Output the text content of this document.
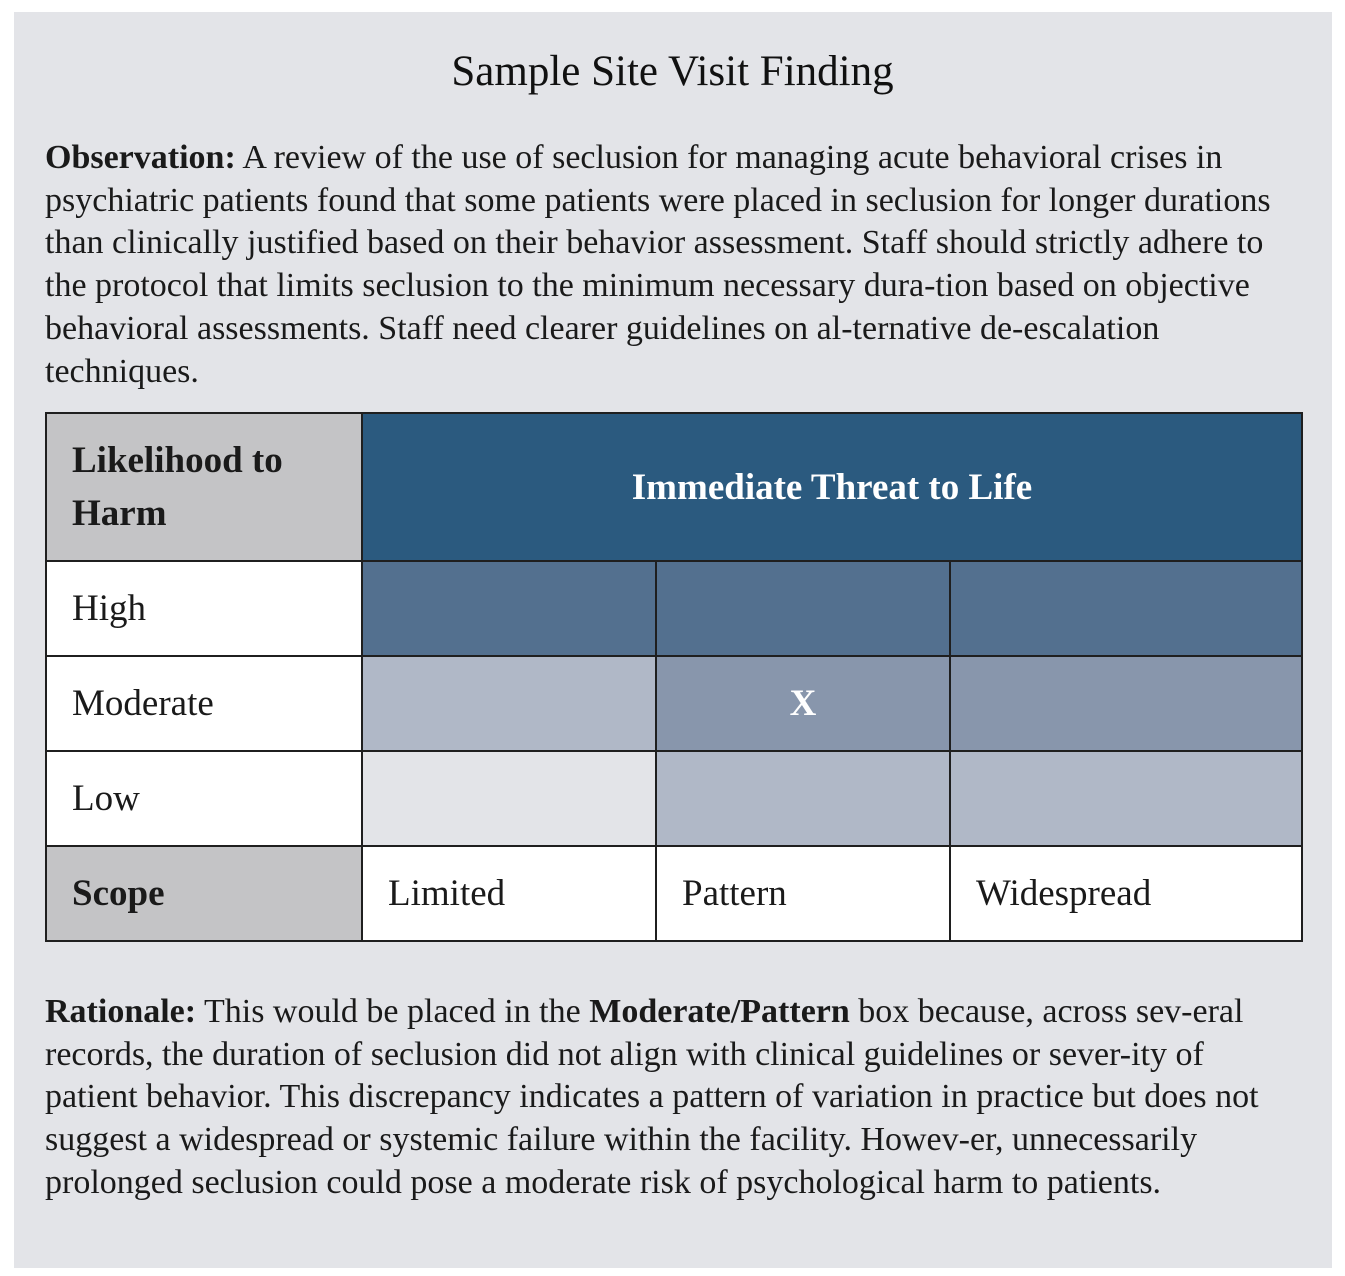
Sample Site Visit Finding

Observation: A review of the use of seclusion for managing acute behavioral crises in psychiatric patients found that some patients were placed in seclusion for longer durations than clinically justified based on their behavior assessment. Staff should strictly adhere to the protocol that limits seclusion to the minimum necessary dura-tion based on objective behavioral assessments. Staff need clearer guidelines on al-ternative de-escalation techniques.

Likelihood to Harm	Immediate Threat to Life		
High			
Moderate		X	
Low			
Scope	Limited	Pattern	Widespread

Rationale: This would be placed in the Moderate/Pattern box because, across sev-eral records, the duration of seclusion did not align with clinical guidelines or sever-ity of patient behavior. This discrepancy indicates a pattern of variation in practice but does not suggest a widespread or systemic failure within the facility. Howev-er, unnecessarily prolonged seclusion could pose a moderate risk of psychological harm to patients.
